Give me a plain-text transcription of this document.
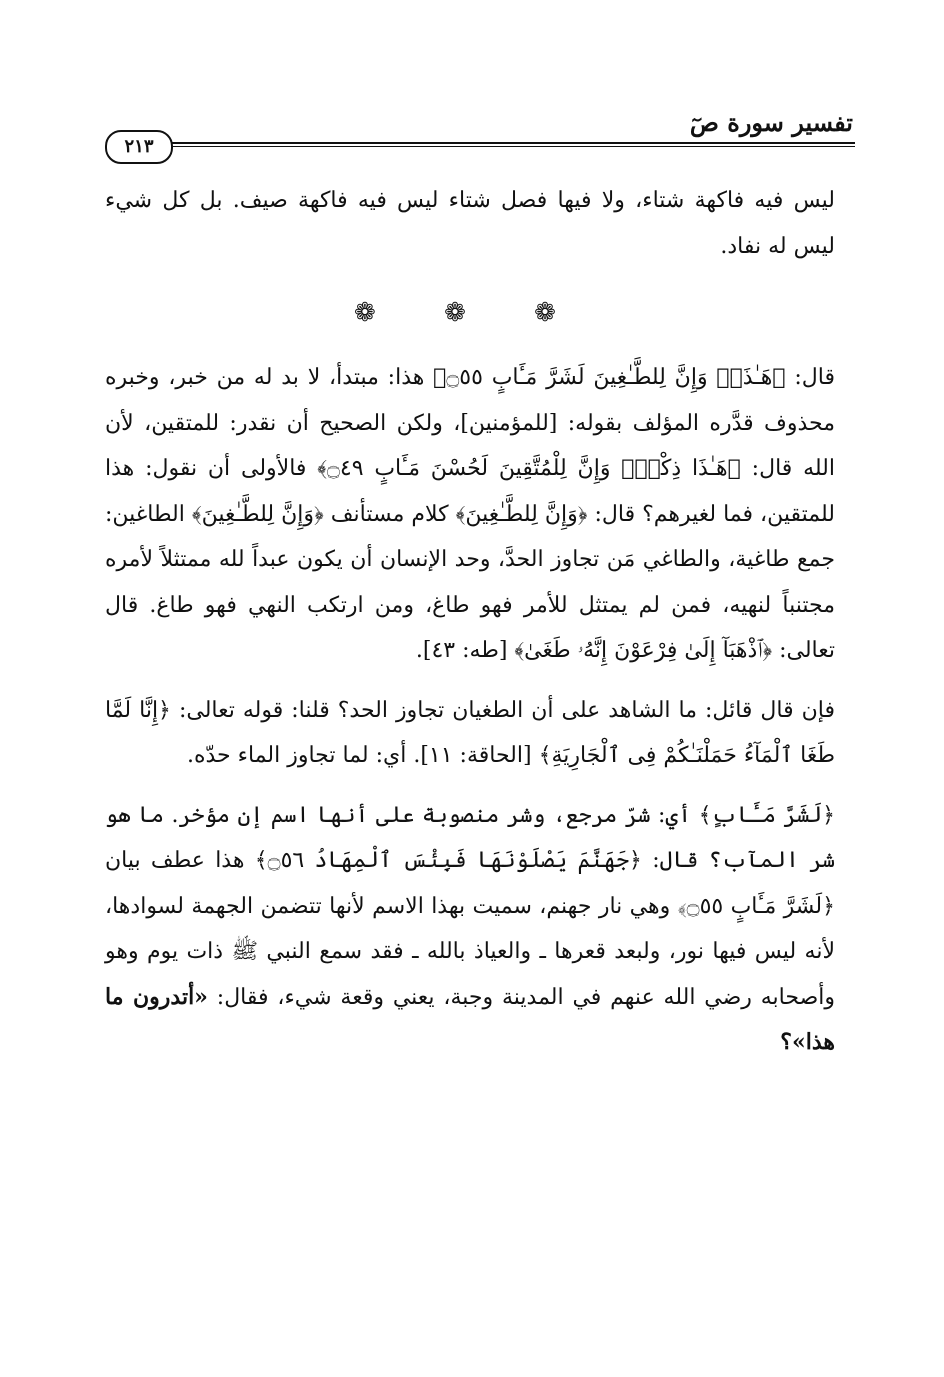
تفسير سورة صٓ
٢١٣

ليس فيه فاكهة شتاء، ولا فيها فصل شتاء ليس فيه فاكهة صيف. بل كل شيء ليس له نفاد.

❁ ❁ ❁

قال: ﴿هَـٰذَاۚ وَإِنَّ لِلطَّـٰغِينَ لَشَرَّ مَـَٔابٍ ۝٥٥﴾ هذا: مبتدأ، لا بد له من خبر، وخبره محذوف قدَّره المؤلف بقوله: [للمؤمنين]، ولكن الصحيح أن نقدر: للمتقين، لأن الله قال: ﴿هَـٰذَا ذِكْرٌۚ وَإِنَّ لِلْمُتَّقِينَ لَحُسْنَ مَـَٔابٍ ۝٤٩﴾ فالأولى أن نقول: هذا للمتقين، فما لغيرهم؟ قال: ﴿وَإِنَّ لِلطَّـٰغِينَ﴾ كلام مستأنف ﴿وَإِنَّ لِلطَّـٰغِينَ﴾ الطاغين: جمع طاغية، والطاغي مَن تجاوز الحدَّ، وحد الإنسان أن يكون عبداً لله ممتثلاً لأمره مجتنباً لنهيه، فمن لم يمتثل للأمر فهو طاغ، ومن ارتكب النهي فهو طاغ. قال تعالى: ﴿ٱذْهَبَآ إِلَىٰ فِرْعَوْنَ إِنَّهُۥ طَغَىٰ﴾ [طه: ٤٣].

فإن قال قائل: ما الشاهد على أن الطغيان تجاوز الحد؟ قلنا: قوله تعالى: ﴿إِنَّا لَمَّا طَغَا ٱلْمَآءُ حَمَلْنَـٰكُمْ فِى ٱلْجَارِيَةِ﴾ [الحاقة: ١١]. أي: لما تجاوز الماء حدّه.

﴿لَشَرَّ مَـَٔابٍ﴾ أي: شرّ مرجع، وشر منصوبة على أنها اسم إن مؤخر. ما هو شر المآب؟ قال: ﴿جَهَنَّمَ يَصْلَوْنَهَا فَبِئْسَ ٱلْمِهَادُ ۝٥٦﴾ هذا عطف بيان ﴿لَشَرَّ مَـَٔابٍ ۝٥٥﴾ وهي نار جهنم، سميت بهذا الاسم لأنها تتضمن الجهمة لسوادها، لأنه ليس فيها نور، ولبعد قعرها ـ والعياذ بالله ـ فقد سمع النبي ﷺ ذات يوم وهو وأصحابه رضي الله عنهم في المدينة وجبة، يعني وقعة شيء، فقال: «أتدرون ما هذا»؟
